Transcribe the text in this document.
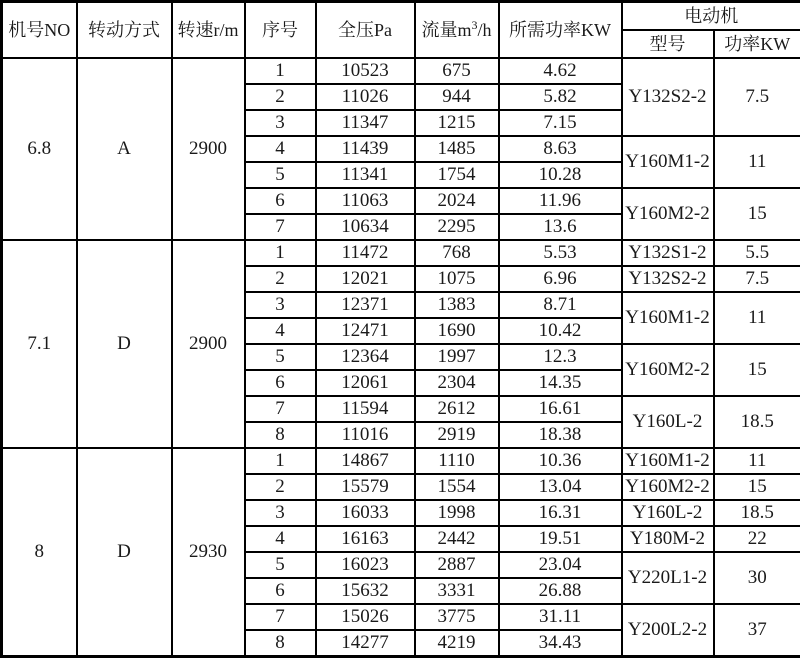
机号NO	转动方式	转速r/m	序号	全压Pa	流量$m^3/h$	所需功率KW	电动机	
							型号	功率KW
6.8	A	2900	1	10523	675	4.62	Y132S2-2	7.5
			2	11026	944	5.82		
			3	11347	1215	7.15		
			4	11439	1485	8.63	Y160M1-2	11
			5	11341	1754	10.28		
			6	11063	2024	11.96	Y160M2-2	15
			7	10634	2295	13.6		
7.1	D	2900	1	11472	768	5.53	Y132S1-2	5.5
			2	12021	1075	6.96	Y132S2-2	7.5
			3	12371	1383	8.71	Y160M1-2	11
			4	12471	1690	10.42		
			5	12364	1997	12.3	Y160M2-2	15
			6	12061	2304	14.35		
			7	11594	2612	16.61	Y160L-2	18.5
			8	11016	2919	18.38		
8	D	2930	1	14867	1110	10.36	Y160M1-2	11
			2	15579	1554	13.04	Y160M2-2	15
			3	16033	1998	16.31	Y160L-2	18.5
			4	16163	2442	19.51	Y180M-2	22
			5	16023	2887	23.04	Y220L1-2	30
			6	15632	3331	26.88		
			7	15026	3775	31.11	Y200L2-2	37
			8	14277	4219	34.43		
